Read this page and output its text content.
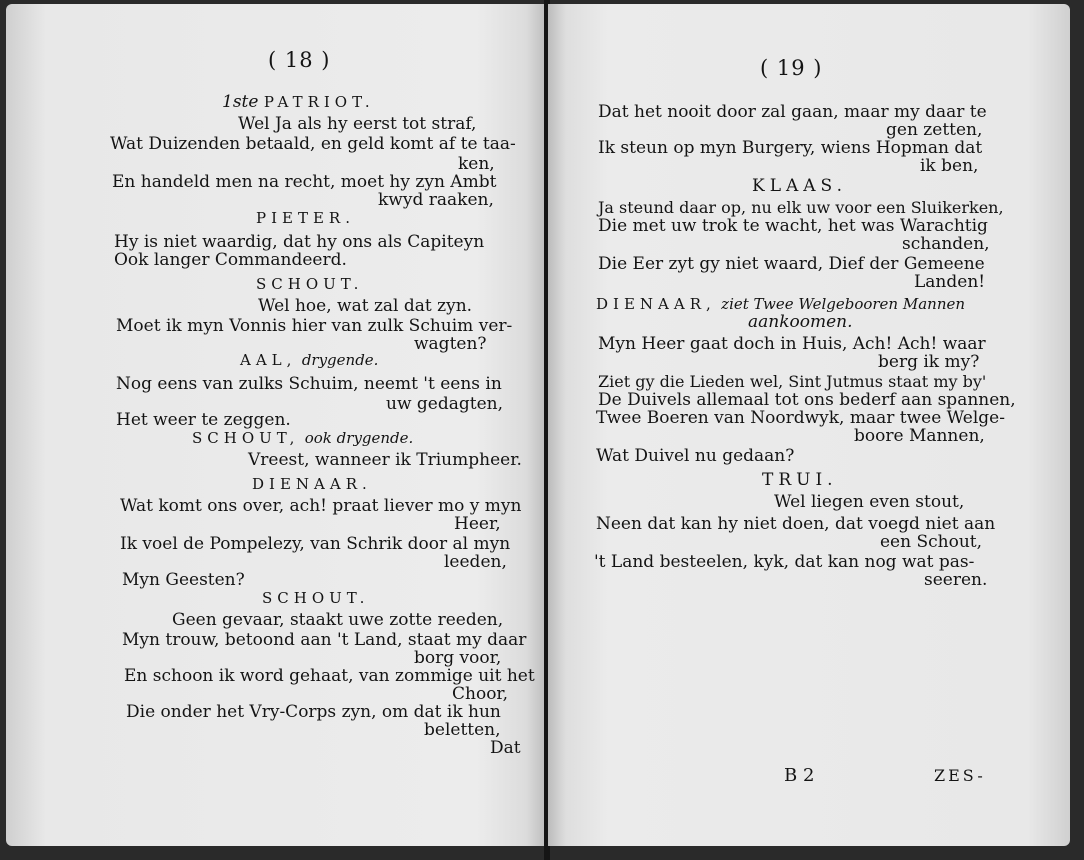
( 18 )
1ste PATRIOT.
Wel Ja als hy eerst tot straf,
Wat Duizenden betaald, en geld komt af te taa-
ken,
En handeld men na recht, moet hy zyn Ambt
kwyd raaken,
PIETER.
Hy is niet waardig, dat hy ons als Capiteyn
Ook langer Commandeerd.
SCHOUT.
Wel hoe, wat zal dat zyn.
Moet ik myn Vonnis hier van zulk Schuim ver-
wagten?
AAL, drygende.
Nog eens van zulks Schuim, neemt 't eens in
uw gedagten,
Het weer te zeggen.
SCHOUT, ook drygende.
Vreest, wanneer ik Triumpheer.
DIENAAR.
Wat komt ons over, ach! praat liever mo y myn
Heer,
Ik voel de Pompelezy, van Schrik door al myn
leeden,
Myn Geesten?
SCHOUT.
Geen gevaar, staakt uwe zotte reeden,
Myn trouw, betoond aan 't Land, staat my daar
borg voor,
En schoon ik word gehaat, van zommige uit het
Choor,
Die onder het Vry-Corps zyn, om dat ik hun
beletten,
Dat
( 19 )
Dat het nooit door zal gaan, maar my daar te
gen zetten,
Ik steun op myn Burgery, wiens Hopman dat
ik ben,
KLAAS.
Ja steund daar op, nu elk uw voor een Sluikerken,
Die met uw trok te wacht, het was Warachtig
schanden,
Die Eer zyt gy niet waard, Dief der Gemeene
Landen!
DIENAAR, ziet Twee Welgebooren Mannen
aankoomen.
Myn Heer gaat doch in Huis, Ach! Ach! waar
berg ik my?
Ziet gy die Lieden wel, Sint Jutmus staat my by'
De Duivels allemaal tot ons bederf aan spannen,
Twee Boeren van Noordwyk, maar twee Welge-
boore Mannen,
Wat Duivel nu gedaan?
TRUI.
Wel liegen even stout,
Neen dat kan hy niet doen, dat voegd niet aan
een Schout,
't Land besteelen, kyk, dat kan nog wat pas-
seeren.
B 2	ZES-
